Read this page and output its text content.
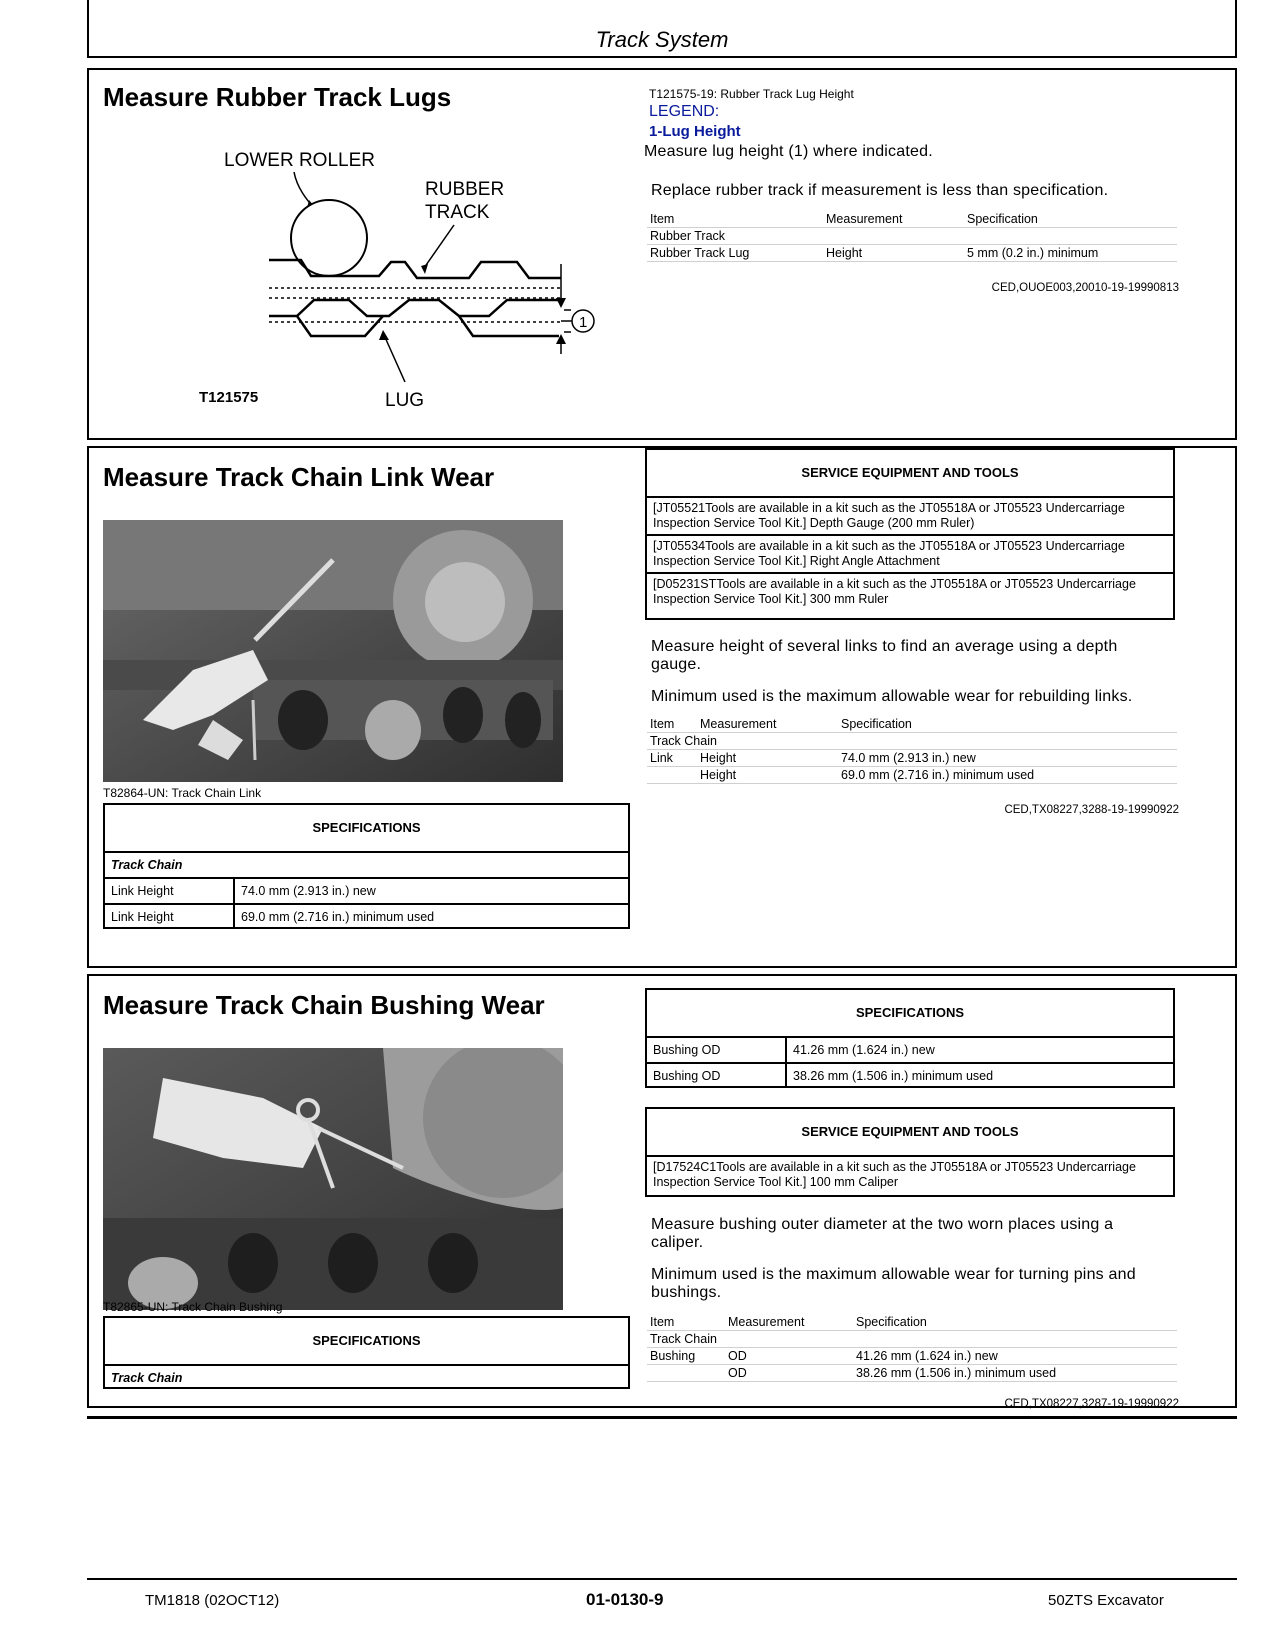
Track System
Measure Rubber Track Lugs
LOWER ROLLER
RUBBER
TRACK
1
LUG
T121575
T121575-19: Rubber Track Lug Height
LEGEND:
1-Lug Height
Measure lug height (1) where indicated.
Replace rubber track if measurement is less than specification.
Item	Measurement	Specification
Rubber Track		
Rubber Track Lug	Height	5 mm (0.2 in.) minimum
CED,OUOE003,20010-19-19990813
Measure Track Chain Link Wear
T82864-UN: Track Chain Link
SPECIFICATIONS
Track Chain
Link Height	74.0 mm (2.913 in.) new
Link Height	69.0 mm (2.716 in.) minimum used
SERVICE EQUIPMENT AND TOOLS
[JT05521Tools are available in a kit such as the JT05518A or JT05523 Undercarriage
Inspection Service Tool Kit.] Depth Gauge (200 mm Ruler)
[JT05534Tools are available in a kit such as the JT05518A or JT05523 Undercarriage
Inspection Service Tool Kit.] Right Angle Attachment
[D05231STTools are available in a kit such as the JT05518A or JT05523 Undercarriage
Inspection Service Tool Kit.] 300 mm Ruler
Measure height of several links to find an average using a depth
gauge.
Minimum used is the maximum allowable wear for rebuilding links.
Item	Measurement	Specification
Track Chain		
Link	Height	74.0 mm (2.913 in.) new
	Height	69.0 mm (2.716 in.) minimum used
CED,TX08227,3288-19-19990922
Measure Track Chain Bushing Wear
T82865-UN: Track Chain Bushing
SPECIFICATIONS
Track Chain
SPECIFICATIONS
Bushing OD	41.26 mm (1.624 in.) new
Bushing OD	38.26 mm (1.506 in.) minimum used
SERVICE EQUIPMENT AND TOOLS
[D17524C1Tools are available in a kit such as the JT05518A or JT05523 Undercarriage
Inspection Service Tool Kit.] 100 mm Caliper
Measure bushing outer diameter at the two worn places using a
caliper.
Minimum used is the maximum allowable wear for turning pins and
bushings.
Item	Measurement	Specification
Track Chain		
Bushing	OD	41.26 mm (1.624 in.) new
	OD	38.26 mm (1.506 in.) minimum used
CED,TX08227,3287-19-19990922
TM1818 (02OCT12)	01-0130-9	50ZTS Excavator
